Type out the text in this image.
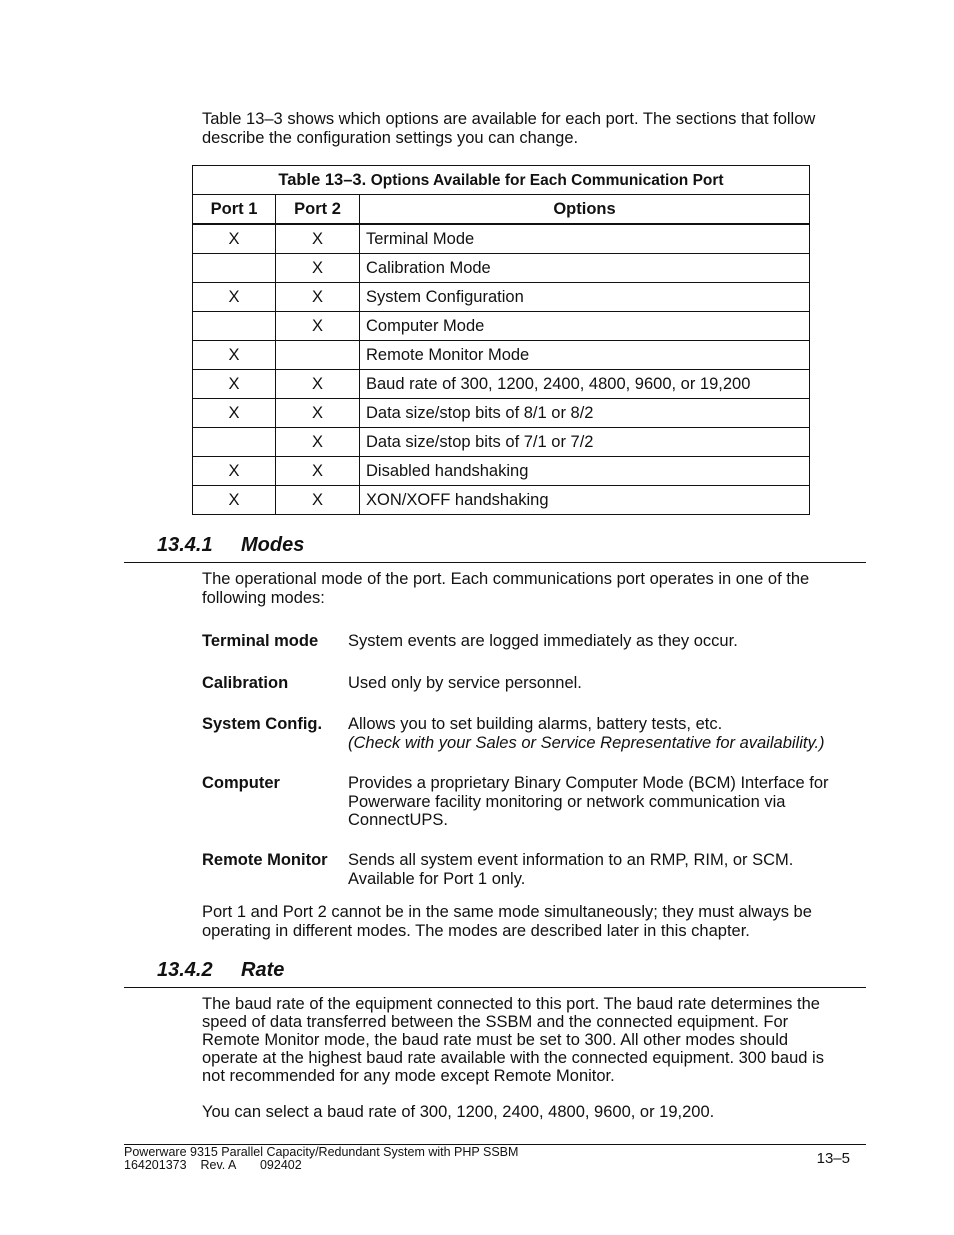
Table 13–3 shows which options are available for each port. The sections that follow describe the configuration settings you can change.

Table 13–3. Options Available for Each Communication Port		
Port 1	Port 2	Options
X	X	Terminal Mode
	X	Calibration Mode
X	X	System Configuration
	X	Computer Mode
X		Remote Monitor Mode
X	X	Baud rate of 300, 1200, 2400, 4800, 9600, or 19,200
X	X	Data size/stop bits of 8/1 or 8/2
	X	Data size/stop bits of 7/1 or 7/2
X	X	Disabled handshaking
X	X	XON/XOFF handshaking
13.4.1 Modes

The operational mode of the port. Each communications port operates in one of the following modes:

Terminal mode System events are logged immediately as they occur.
Calibration	Used only by service personnel.
System Config. Allows you to set building alarms, battery tests, etc.
(Check with your Sales or Service Representative for availability.)
Computer	Provides a proprietary Binary Computer Mode (BCM) Interface for Powerware facility monitoring or network communication via ConnectUPS.
Remote Monitor Sends all system event information to an RMP, RIM, or SCM. Available for Port 1 only.

Port 1 and Port 2 cannot be in the same mode simultaneously; they must always be operating in different modes. The modes are described later in this chapter.

13.4.2 Rate

The baud rate of the equipment connected to this port. The baud rate determines the speed of data transferred between the SSBM and the connected equipment. For Remote Monitor mode, the baud rate must be set to 300. All other modes should operate at the highest baud rate available with the connected equipment. 300 baud is not recommended for any mode except Remote Monitor.

You can select a baud rate of 300, 1200, 2400, 4800, 9600, or 19,200.

Powerware 9315 Parallel Capacity/Redundant System with PHP SSBM
164201373    Rev. A       092402	13–5
